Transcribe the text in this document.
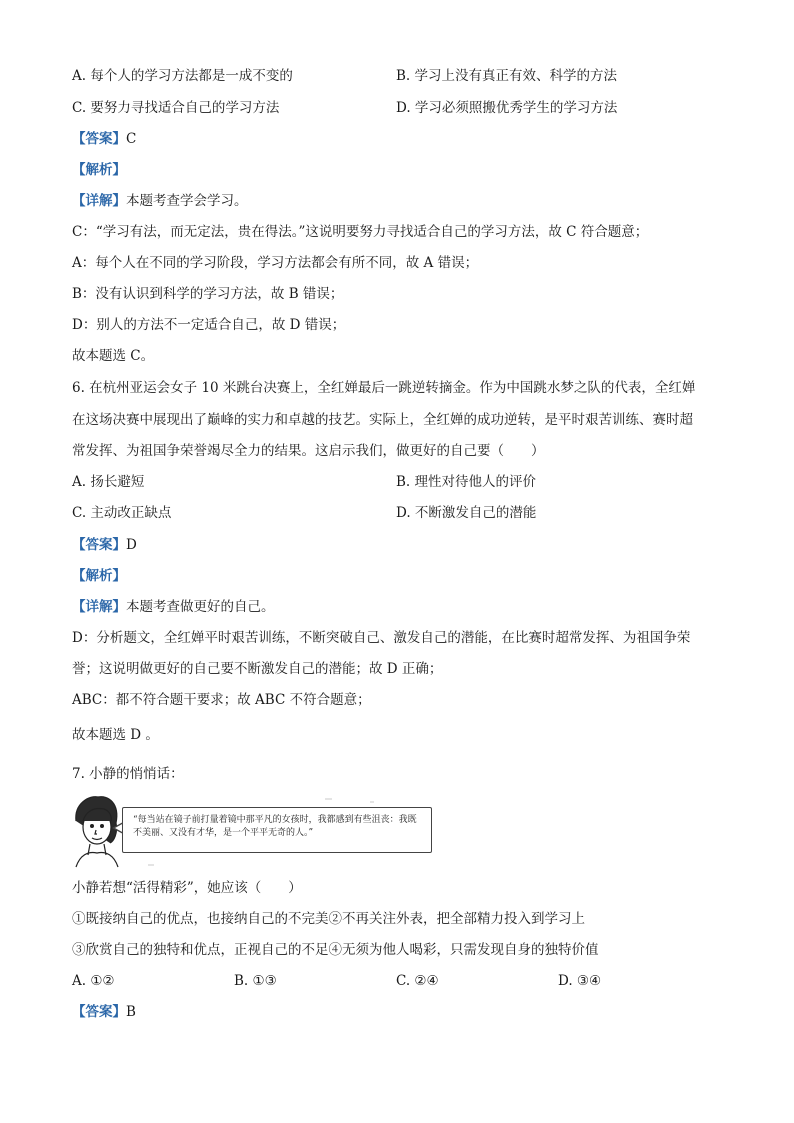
A. 每个人的学习方法都是一成不变的	B. 学习上没有真正有效、科学的方法
C. 要努力寻找适合自己的学习方法	D. 学习必须照搬优秀学生的学习方法
【答案】C
【解析】
【详解】本题考查学会学习。
C：“学习有法，而无定法，贵在得法。”这说明要努力寻找适合自己的学习方法，故 C 符合题意；
A：每个人在不同的学习阶段，学习方法都会有所不同，故 A 错误；
B：没有认识到科学的学习方法，故 B 错误；
D：别人的方法不一定适合自己，故 D 错误；
故本题选 C。
6. 在杭州亚运会女子 10 米跳台决赛上，全红婵最后一跳逆转摘金。作为中国跳水梦之队的代表，全红婵
在这场决赛中展现出了巅峰的实力和卓越的技艺。实际上，全红婵的成功逆转，是平时艰苦训练、赛时超
常发挥、为祖国争荣誉竭尽全力的结果。这启示我们，做更好的自己要（　　）
A. 扬长避短	B. 理性对待他人的评价
C. 主动改正缺点	D. 不断激发自己的潜能
【答案】D
【解析】
【详解】本题考查做更好的自己。
D：分析题文，全红婵平时艰苦训练，不断突破自己、激发自己的潜能，在比赛时超常发挥、为祖国争荣
誉；这说明做更好的自己要不断激发自己的潜能；故 D 正确；
ABC：都不符合题干要求；故 ABC 不符合题意；
故本题选 D 。
7. 小静的悄悄话：
“每当站在镜子前打量着镜中那平凡的女孩时，我都感到有些沮丧：我既不美丽、又没有才华，是一个平平无奇的人。”
小静若想“活得精彩”，她应该（　　）
①既接纳自己的优点，也接纳自己的不完美②不再关注外表，把全部精力投入到学习上
③欣赏自己的独特和优点，正视自己的不足④无须为他人喝彩，只需发现自身的独特价值
A. ①②	B. ①③	C. ②④	D. ③④
【答案】B
